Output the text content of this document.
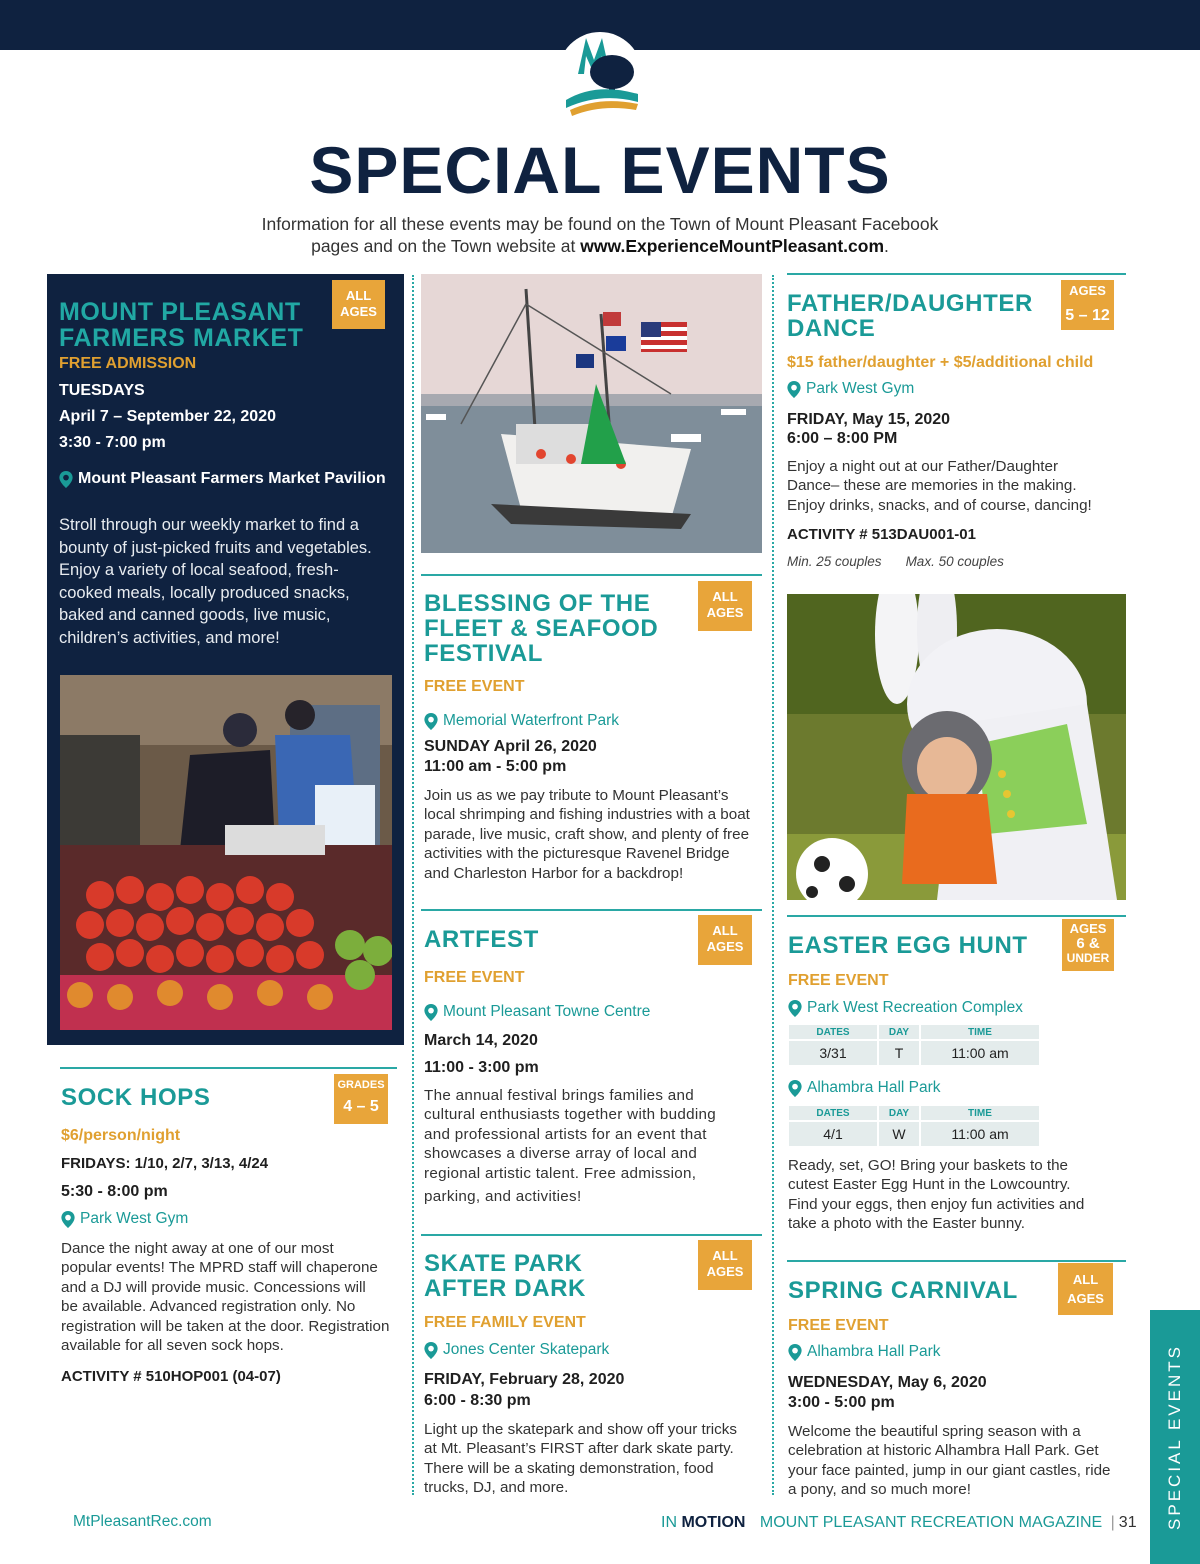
SPECIAL EVENTS
Information for all these events may be found on the Town of Mount Pleasant Facebook
pages and on the Town website at www.ExperienceMountPleasant.com.
MOUNT PLEASANT
FARMERS MARKET
ALL
AGES
FREE ADMISSION
TUESDAYS
April 7 – September 22, 2020
3:30 - 7:00 pm
Mount Pleasant Farmers Market Pavilion
Stroll through our weekly market to find a
bounty of just-picked fruits and vegetables.
Enjoy a variety of local seafood, fresh-
cooked meals, locally produced snacks,
baked and canned goods, live music,
children’s activities, and more!
SOCK HOPS	GRADES
4 – 5
$6/person/night
FRIDAYS: 1/10, 2/7, 3/13, 4/24
5:30 - 8:00 pm
Park West Gym
Dance the night away at one of our most
popular events! The MPRD staff will chaperone
and a DJ will provide music. Concessions will
be available. Advanced registration only. No
registration will be taken at the door. Registration
available for all seven sock hops.
ACTIVITY # 510HOP001 (04-07)
BLESSING OF THE
FLEET & SEAFOOD
FESTIVAL
ALL
AGES
FREE EVENT
Memorial Waterfront Park
SUNDAY April 26, 2020
11:00 am - 5:00 pm
Join us as we pay tribute to Mount Pleasant’s
local shrimping and fishing industries with a boat
parade, live music, craft show, and plenty of free
activities with the picturesque Ravenel Bridge
and Charleston Harbor for a backdrop!
ARTFEST	ALL
AGES
FREE EVENT
Mount Pleasant Towne Centre
March 14, 2020
11:00 - 3:00 pm
The annual festival brings families and
cultural enthusiasts together with budding
and professional artists for an event that
showcases a diverse array of local and
regional artistic talent. Free admission,
parking, and activities!
SKATE PARK
AFTER DARK
ALL
AGES
FREE FAMILY EVENT
Jones Center Skatepark
FRIDAY, February 28, 2020
6:00 - 8:30 pm
Light up the skatepark and show off your tricks
at Mt. Pleasant’s FIRST after dark skate party.
There will be a skating demonstration, food
trucks, DJ, and more.
FATHER/DAUGHTER
DANCE
AGES
5 – 12
$15 father/daughter + $5/additional child
Park West Gym
FRIDAY, May 15, 2020
6:00 – 8:00 PM
Enjoy a night out at our Father/Daughter
Dance– these are memories in the making.
Enjoy drinks, snacks, and of course, dancing!
ACTIVITY # 513DAU001-01
Min. 25 couples Max. 50 couples
EASTER EGG HUNT
AGES
6 &
UNDER
FREE EVENT
Park West Recreation Complex
DATES	DAY	TIME
3/31	T	11:00 am
Alhambra Hall Park
DATES	DAY	TIME
4/1	W	11:00 am
Ready, set, GO! Bring your baskets to the
cutest Easter Egg Hunt in the Lowcountry.
Find your eggs, then enjoy fun activities and
take a photo with the Easter bunny.
SPRING CARNIVAL	ALL
AGES
FREE EVENT
Alhambra Hall Park
WEDNESDAY, May 6, 2020
3:00 - 5:00 pm
Welcome the beautiful spring season with a
celebration at historic Alhambra Hall Park. Get
your face painted, jump in our giant castles, ride
a pony, and so much more!	SPECIAL EVENTS
MtPleasantRec.com	IN MOTION MOUNT PLEASANT RECREATION MAGAZINE | 31
